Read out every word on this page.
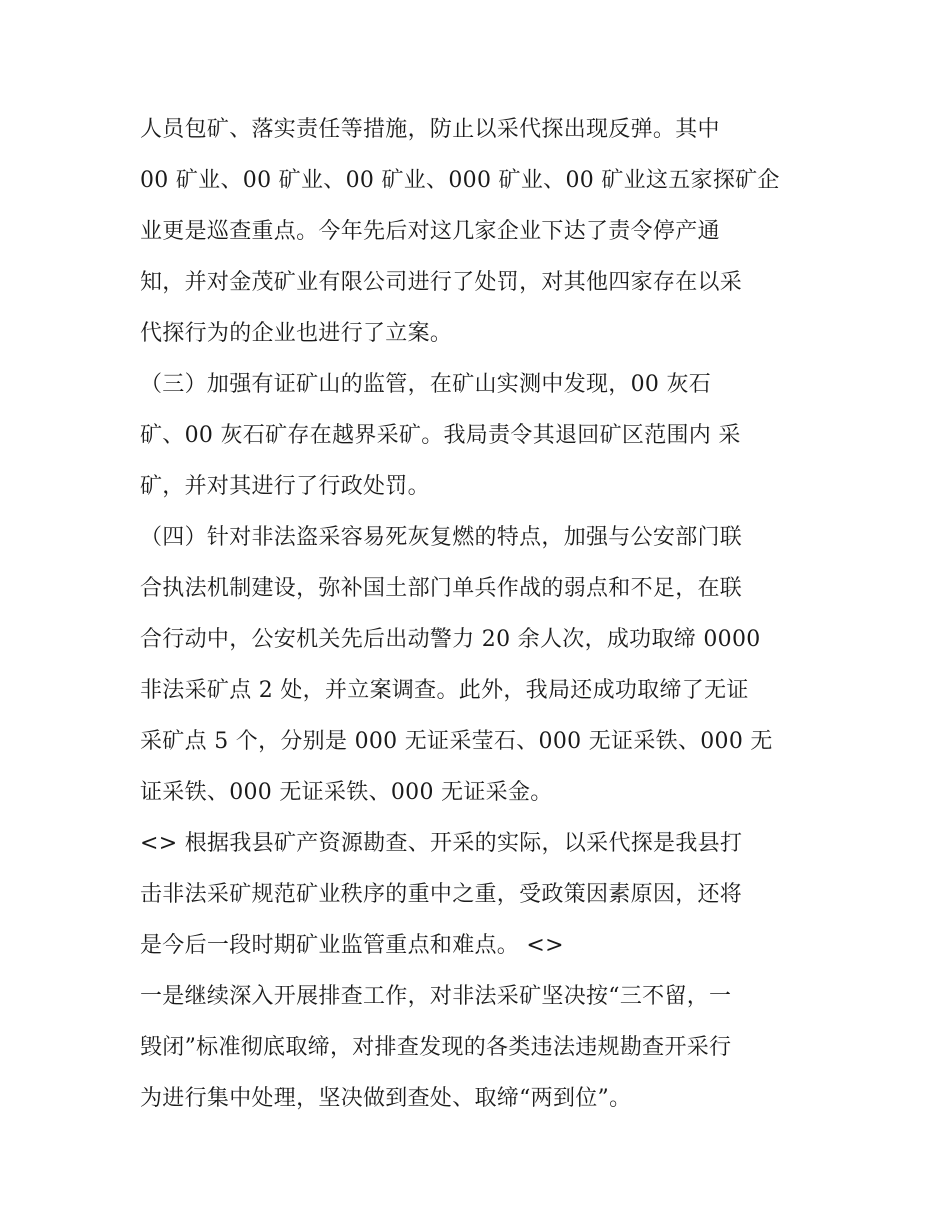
人员包矿、落实责任等措施，防止以采代探出现反弹。其中
00 矿业、00 矿业、00 矿业、000 矿业、00 矿业这五家探矿企
业更是巡查重点。今年先后对这几家企业下达了责令停产通
知，并对金茂矿业有限公司进行了处罚，对其他四家存在以采
代探行为的企业也进行了立案。
（三）加强有证矿山的监管，在矿山实测中发现，00 灰石
矿、00 灰石矿存在越界采矿。我局责令其退回矿区范围内 采
矿，并对其进行了行政处罚。
（四）针对非法盗采容易死灰复燃的特点，加强与公安部门联
合执法机制建设，弥补国土部门单兵作战的弱点和不足，在联
合行动中，公安机关先后出动警力 20 余人次，成功取缔 0000
非法采矿点 2 处，并立案调查。此外，我局还成功取缔了无证
采矿点 5 个，分别是 000 无证采莹石、000 无证采铁、000 无
证采铁、000 无证采铁、000 无证采金。
<> 根据我县矿产资源勘查、开采的实际，以采代探是我县打
击非法采矿规范矿业秩序的重中之重，受政策因素原因，还将
是今后一段时期矿业监管重点和难点。 <>
一是继续深入开展排查工作，对非法采矿坚决按“三不留，一
毁闭”标准彻底取缔，对排查发现的各类违法违规勘查开采行
为进行集中处理，坚决做到查处、取缔“两到位”。
